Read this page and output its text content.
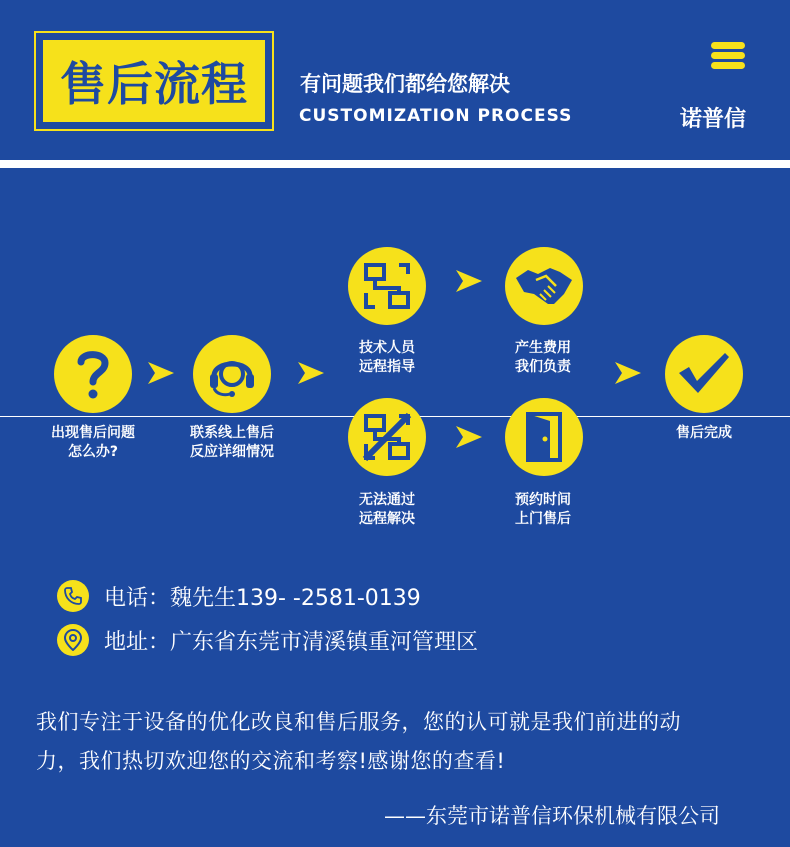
售后流程 有问题我们都给您解决
CUSTOMIZATION PROCESS	诺普信
出现售后问题
怎么办?
联系线上售后
反应详细情况
技术人员
远程指导
无法通过
远程解决
产生费用
我们负责
预约时间
上门售后
售后完成
电话：魏先生139- -2581-0139
地址：广东省东莞市清溪镇重河管理区
我们专注于设备的优化改良和售后服务，您的认可就是我们前进的动
力，我们热切欢迎您的交流和考察!感谢您的查看!
——东莞市诺普信环保机械有限公司
